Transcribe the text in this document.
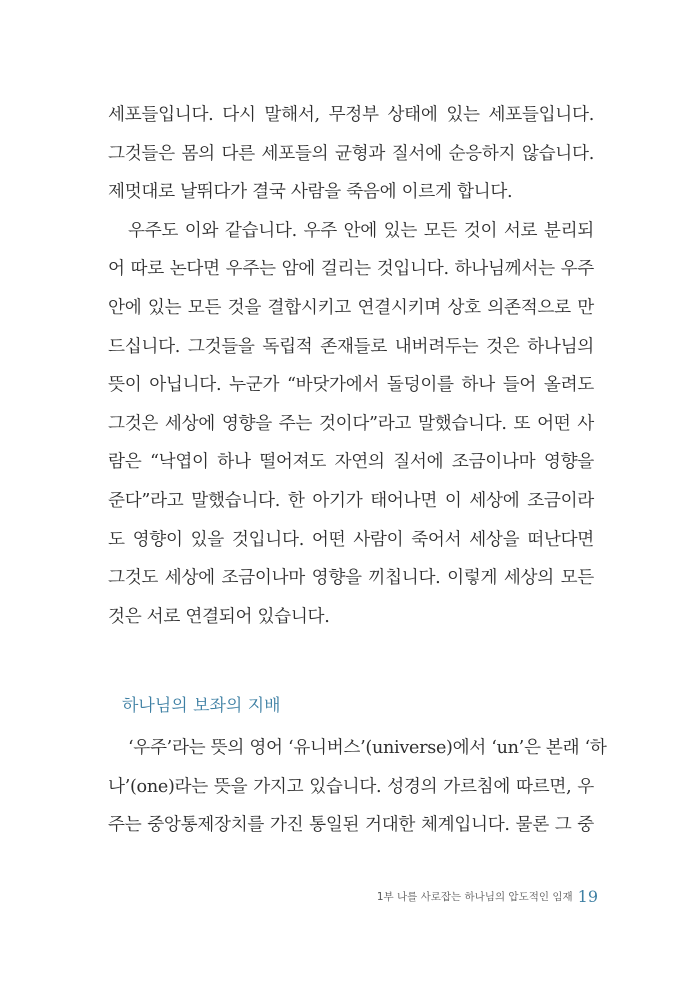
세포들입니다. 다시 말해서, 무정부 상태에 있는 세포들입니다.
그것들은 몸의 다른 세포들의 균형과 질서에 순응하지 않습니다.
제멋대로 날뛰다가 결국 사람을 죽음에 이르게 합니다.
우주도 이와 같습니다. 우주 안에 있는 모든 것이 서로 분리되
어 따로 논다면 우주는 암에 걸리는 것입니다. 하나님께서는 우주
안에 있는 모든 것을 결합시키고 연결시키며 상호 의존적으로 만
드십니다. 그것들을 독립적 존재들로 내버려두는 것은 하나님의
뜻이 아닙니다. 누군가 “바닷가에서 돌덩이를 하나 들어 올려도
그것은 세상에 영향을 주는 것이다”라고 말했습니다. 또 어떤 사
람은 “낙엽이 하나 떨어져도 자연의 질서에 조금이나마 영향을
준다”라고 말했습니다. 한 아기가 태어나면 이 세상에 조금이라
도 영향이 있을 것입니다. 어떤 사람이 죽어서 세상을 떠난다면
그것도 세상에 조금이나마 영향을 끼칩니다. 이렇게 세상의 모든
것은 서로 연결되어 있습니다.
하나님의 보좌의 지배
‘우주’라는 뜻의 영어 ‘유니버스’(universe)에서 ‘un’은 본래 ‘하
나’(one)라는 뜻을 가지고 있습니다. 성경의 가르침에 따르면, 우
주는 중앙통제장치를 가진 통일된 거대한 체계입니다. 물론 그 중
1부 나를 사로잡는 하나님의 압도적인 임재 19
